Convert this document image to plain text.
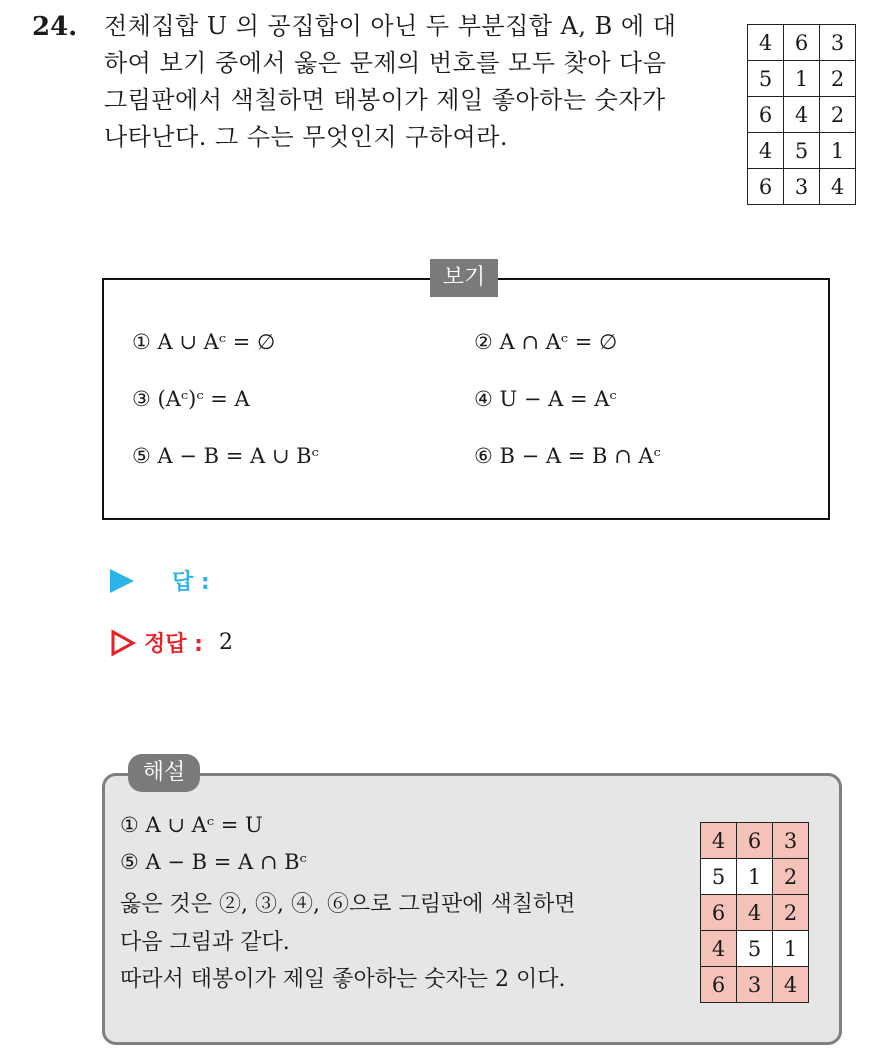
24. 전체집합 U 의 공집합이 아닌 두 부분집합 A, B 에 대
하여 보기 중에서 옳은 문제의 번호를 모두 찾아 다음
그림판에서 색칠하면 태봉이가 제일 좋아하는 숫자가
나타난다. 그 수는 무엇인지 구하여라.
4	6	3
5	1	2
6	4	2
4	5	1
6	3	4
보기
① A ∪ Aᶜ = ∅	② A ∩ Aᶜ = ∅
③ (Aᶜ)ᶜ = A	④ U − A = Aᶜ
⑤ A − B = A ∪ Bᶜ	⑥ B − A = B ∩ Aᶜ
답 :
정답 : 2
해설
① A ∪ Aᶜ = U
⑤ A − B = A ∩ Bᶜ
옳은 것은 ②, ③, ④, ⑥으로 그림판에 색칠하면
다음 그림과 같다.
따라서 태봉이가 제일 좋아하는 숫자는 2 이다.
4	6	3
5	1	2
6	4	2
4	5	1
6	3	4
